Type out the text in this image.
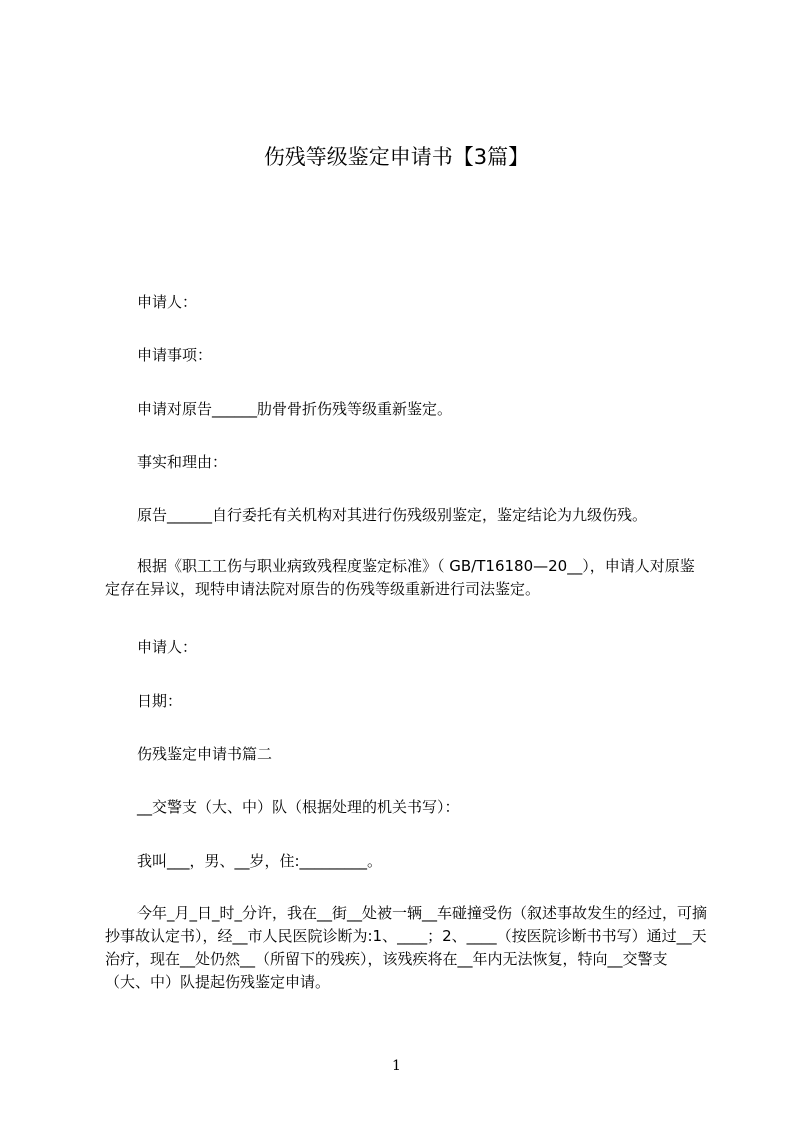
伤残等级鉴定申请书【3篇】
申请人：
申请事项：
申请对原告______肋骨骨折伤残等级重新鉴定。
事实和理由：
原告______自行委托有关机构对其进行伤残级别鉴定，鉴定结论为九级伤残。
根据《职工工伤与职业病致残程度鉴定标准》（ GB/T16180—20__），申请人对原鉴定存在异议，现特申请法院对原告的伤残等级重新进行司法鉴定。
申请人：
日期：
伤残鉴定申请书篇二
__交警支（大、中）队（根据处理的机关书写）：
我叫___，男、__岁，住:_________。
今年_月_日_时_分许，我在__街__处被一辆__车碰撞受伤（叙述事故发生的经过，可摘抄事故认定书），经__市人民医院诊断为:1、____；2、____（按医院诊断书书写）通过__天治疗，现在__处仍然__（所留下的残疾），该残疾将在__年内无法恢复，特向__交警支（大、中）队提起伤残鉴定申请。
1
